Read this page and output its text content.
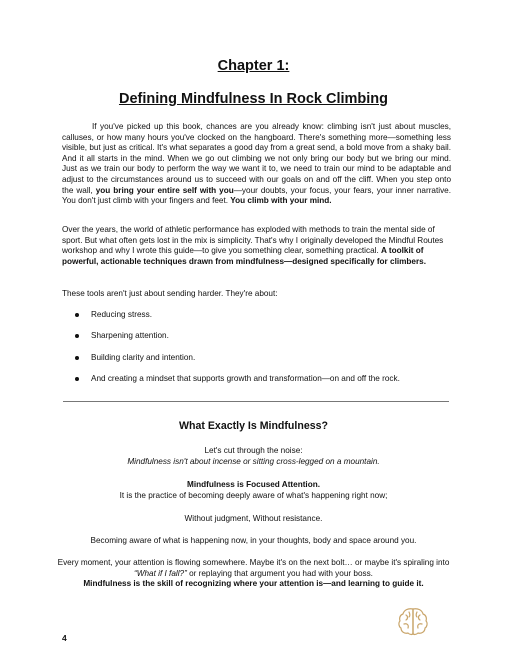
Chapter 1:
Defining Mindfulness In Rock Climbing
If you've picked up this book, chances are you already know: climbing isn't just about muscles, calluses, or how many hours you've clocked on the hangboard. There's something more—something less visible, but just as critical. It's what separates a good day from a great send, a bold move from a shaky bail. And it all starts in the mind. When we go out climbing we not only bring our body but we bring our mind. Just as we train our body to perform the way we want it to, we need to train our mind to be adaptable and adjust to the circumstances around us to succeed with our goals on and off the cliff. When you step onto the wall, you bring your entire self with you—your doubts, your focus, your fears, your inner narrative. You don't just climb with your fingers and feet. You climb with your mind.
Over the years, the world of athletic performance has exploded with methods to train the mental side of sport. But what often gets lost in the mix is simplicity. That's why I originally developed the Mindful Routes workshop and why I wrote this guide—to give you something clear, something practical. A toolkit of powerful, actionable techniques drawn from mindfulness—designed specifically for climbers.
These tools aren't just about sending harder. They're about:
Reducing stress.
Sharpening attention.
Building clarity and intention.
And creating a mindset that supports growth and transformation—on and off the rock.
What Exactly Is Mindfulness?
Let's cut through the noise:
Mindfulness isn't about incense or sitting cross-legged on a mountain.
Mindfulness is Focused Attention.
It is the practice of becoming deeply aware of what's happening right now;
Without judgment, Without resistance.
Becoming aware of what is happening now, in your thoughts, body and space around you.
Every moment, your attention is flowing somewhere. Maybe it's on the next bolt… or maybe it's spiraling into “What if I fall?” or replaying that argument you had with your boss.
Mindfulness is the skill of recognizing where your attention is—and learning to guide it.
4
